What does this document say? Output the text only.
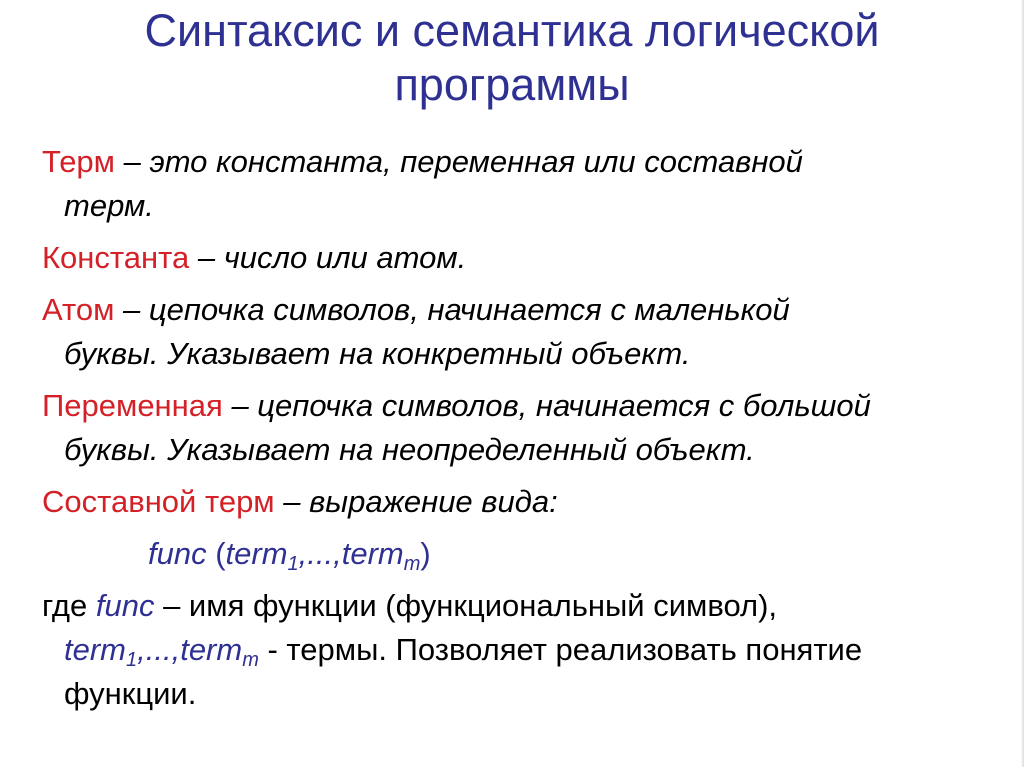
Синтаксис и семантика логической
программы

Терм – это константа, переменная или составной
терм.

Константа – число или атом.

Атом – цепочка символов, начинается с маленькой
буквы. Указывает на конкретный объект.

Переменная – цепочка символов, начинается с большой
буквы. Указывает на неопределенный объект.

Составной терм – выражение вида:

func (term$_1$,...,term$_m$)

где func – имя функции (функциональный символ),
term$_1$,...,term$_m$ - термы. Позволяет реализовать понятие
функции.
